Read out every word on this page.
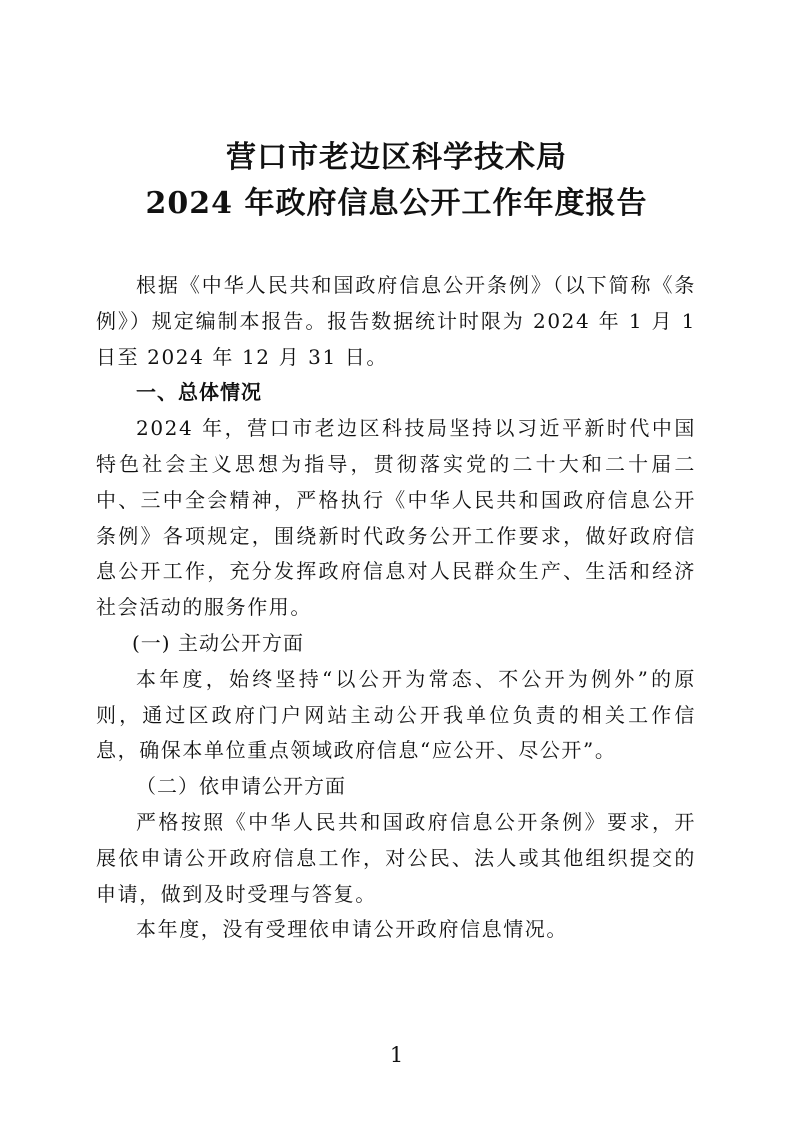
营口市老边区科学技术局
2024 年政府信息公开工作年度报告

根据《中华人民共和国政府信息公开条例》（以下简称《条例》）规定编制本报告。报告数据统计时限为 2024 年 1 月 1 日至 2024 年 12 月 31 日。

一、总体情况

2024 年，营口市老边区科技局坚持以习近平新时代中国特色社会主义思想为指导，贯彻落实党的二十大和二十届二中、三中全会精神，严格执行《中华人民共和国政府信息公开条例》各项规定，围绕新时代政务公开工作要求，做好政府信息公开工作，充分发挥政府信息对人民群众生产、生活和经济社会活动的服务作用。

(一) 主动公开方面

本年度，始终坚持“以公开为常态、不公开为例外”的原则，通过区政府门户网站主动公开我单位负责的相关工作信息，确保本单位重点领域政府信息“应公开、尽公开”。

（二）依申请公开方面

严格按照《中华人民共和国政府信息公开条例》要求，开展依申请公开政府信息工作，对公民、法人或其他组织提交的申请，做到及时受理与答复。

本年度，没有受理依申请公开政府信息情况。

1
